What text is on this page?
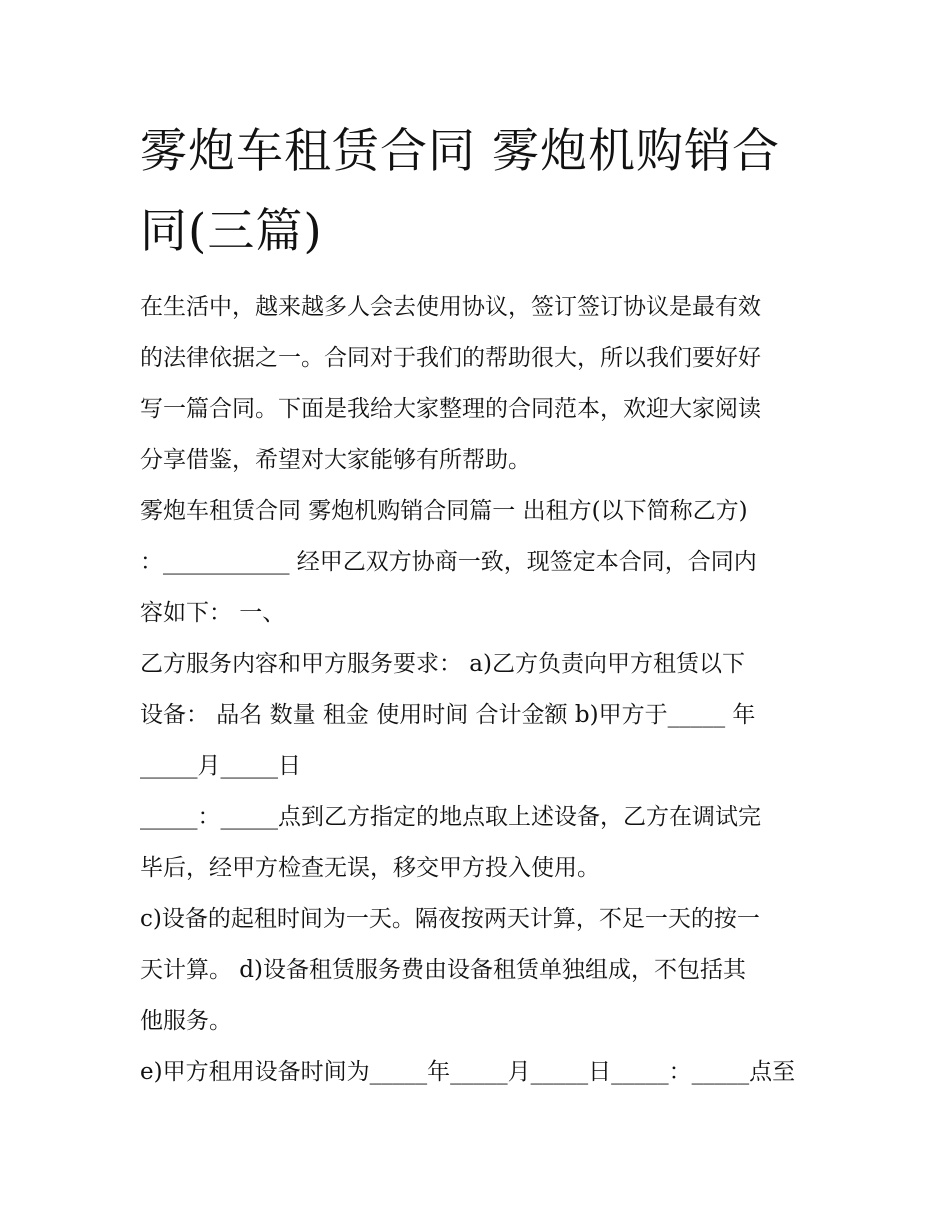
雾炮车租赁合同 雾炮机购销合
同(三篇)

在生活中，越来越多人会去使用协议，签订签订协议是最有效
的法律依据之一。合同对于我们的帮助很大，所以我们要好好
写一篇合同。下面是我给大家整理的合同范本，欢迎大家阅读
分享借鉴，希望对大家能够有所帮助。

雾炮车租赁合同 雾炮机购销合同篇一 出租方(以下简称乙方)
：___________ 经甲乙双方协商一致，现签定本合同，合同内
容如下： 一、

乙方服务内容和甲方服务要求： a)乙方负责向甲方租赁以下
设备： 品名 数量 租金 使用时间 合计金额 b)甲方于_____ 年
_____月_____日

_____：_____点到乙方指定的地点取上述设备，乙方在调试完
毕后，经甲方检查无误，移交甲方投入使用。

c)设备的起租时间为一天。隔夜按两天计算，不足一天的按一
天计算。 d)设备租赁服务费由设备租赁单独组成，不包括其
他服务。

e)甲方租用设备时间为_____年_____月_____日_____：_____点至
